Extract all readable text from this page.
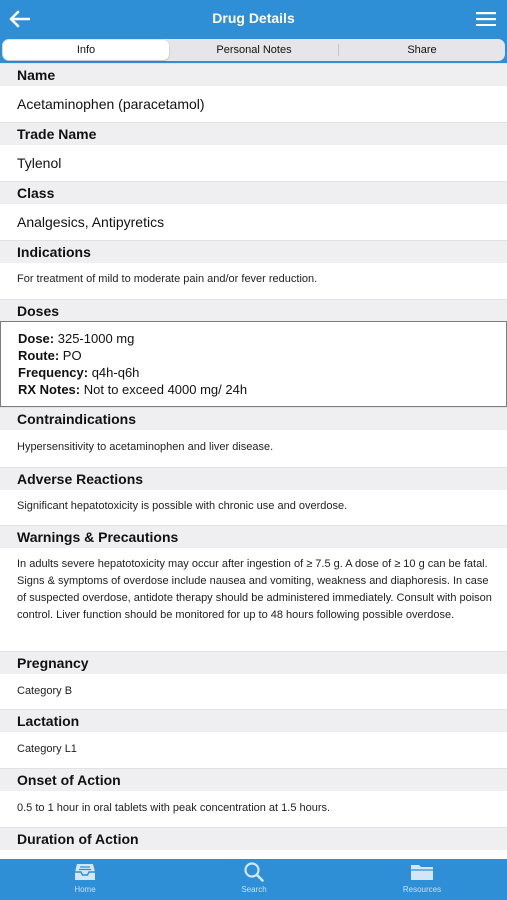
Drug Details
Info	Personal Notes	Share
Name
Acetaminophen (paracetamol)
Trade Name
Tylenol
Class
Analgesics, Antipyretics
Indications
For treatment of mild to moderate pain and/or fever reduction.
Doses
Dose: 325-1000 mg
Route: PO
Frequency: q4h-q6h
RX Notes: Not to exceed 4000 mg/ 24h
Contraindications
Hypersensitivity to acetaminophen and liver disease.
Adverse Reactions
Significant hepatotoxicity is possible with chronic use and overdose.
Warnings & Precautions
In adults severe hepatotoxicity may occur after ingestion of ≥ 7.5 g. A dose of ≥ 10 g can be fatal. Signs & symptoms of overdose include nausea and vomiting, weakness and diaphoresis. In case of suspected overdose, antidote therapy should be administered immediately. Consult with poison control. Liver function should be monitored for up to 48 hours following possible overdose.
Pregnancy
Category B
Lactation
Category L1
Onset of Action
0.5 to 1 hour in oral tablets with peak concentration at 1.5 hours.
Duration of Action
Home	Search	Resources
